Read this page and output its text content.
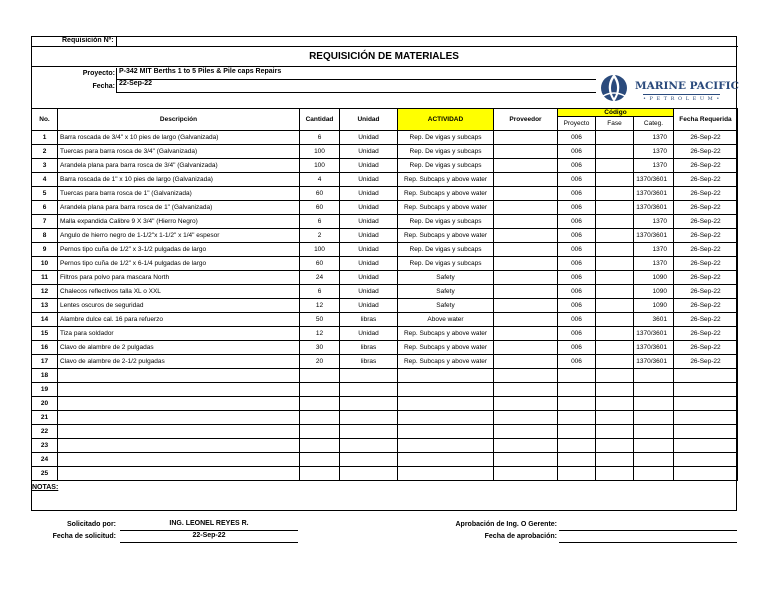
Requisición Nº:
REQUISICIÓN DE MATERIALES
Proyecto: P-342 MIT Berths 1 to 5 Piles & Pile caps Repairs
Fecha: 22-Sep-22	MARINE PACIFIC
• P E T R O L E U M •
No.	Descripción	Cantidad	Unidad	ACTIVIDAD	Proveedor	Código			Fecha Requerida
						Proyecto	Fase	Categ.	
1	Barra roscada de 3/4" x 10 pies de largo (Galvanizada)	6	Unidad	Rep. De vigas y subcaps		006		1370	26-Sep-22
2	Tuercas para barra rosca de 3/4" (Galvanizada)	100	Unidad	Rep. De vigas y subcaps		006		1370	26-Sep-22
3	Arandela plana para barra rosca de 3/4" (Galvanizada)	100	Unidad	Rep. De vigas y subcaps		006		1370	26-Sep-22
4	Barra roscada de 1" x 10 pies de largo (Galvanizada)	4	Unidad	Rep. Subcaps y above water		006		1370/3601	26-Sep-22
5	Tuercas para barra rosca de 1" (Galvanizada)	60	Unidad	Rep. Subcaps y above water		006		1370/3601	26-Sep-22
6	Arandela plana para barra rosca de 1" (Galvanizada)	60	Unidad	Rep. Subcaps y above water		006		1370/3601	26-Sep-22
7	Malla expandida Calibre 9 X 3/4" (Hierro Negro)	6	Unidad	Rep. De vigas y subcaps		006		1370	26-Sep-22
8	Angulo de hierro negro de 1-1/2"x 1-1/2" x 1/4" espesor	2	Unidad	Rep. Subcaps y above water		006		1370/3601	26-Sep-22
9	Pernos tipo cuña de 1/2" x 3-1/2 pulgadas de largo	100	Unidad	Rep. De vigas y subcaps		006		1370	26-Sep-22
10	Pernos tipo cuña de 1/2" x 6-1/4 pulgadas de largo	60	Unidad	Rep. De vigas y subcaps		006		1370	26-Sep-22
11	Filtros para polvo para mascara North	24	Unidad	Safety		006		1090	26-Sep-22
12	Chalecos reflectivos talla XL o XXL	6	Unidad	Safety		006		1090	26-Sep-22
13	Lentes oscuros de seguridad	12	Unidad	Safety		006		1090	26-Sep-22
14	Alambre dulce cal. 16 para refuerzo	50	libras	Above water		006		3601	26-Sep-22
15	Tiza para soldador	12	Unidad	Rep. Subcaps y above water		006		1370/3601	26-Sep-22
16	Clavo de alambre de 2 pulgadas	30	libras	Rep. Subcaps y above water		006		1370/3601	26-Sep-22
17	Clavo de alambre de 2-1/2 pulgadas	20	libras	Rep. Subcaps y above water		006		1370/3601	26-Sep-22
18									
19									
20									
21									
22									
23									
24									
25									
NOTAS:
Solicitado por:	ING. LEONEL REYES R.
Fecha de solicitud:	22-Sep-22
Aprobación de Ing. O Gerente:
Fecha de aprobación:
